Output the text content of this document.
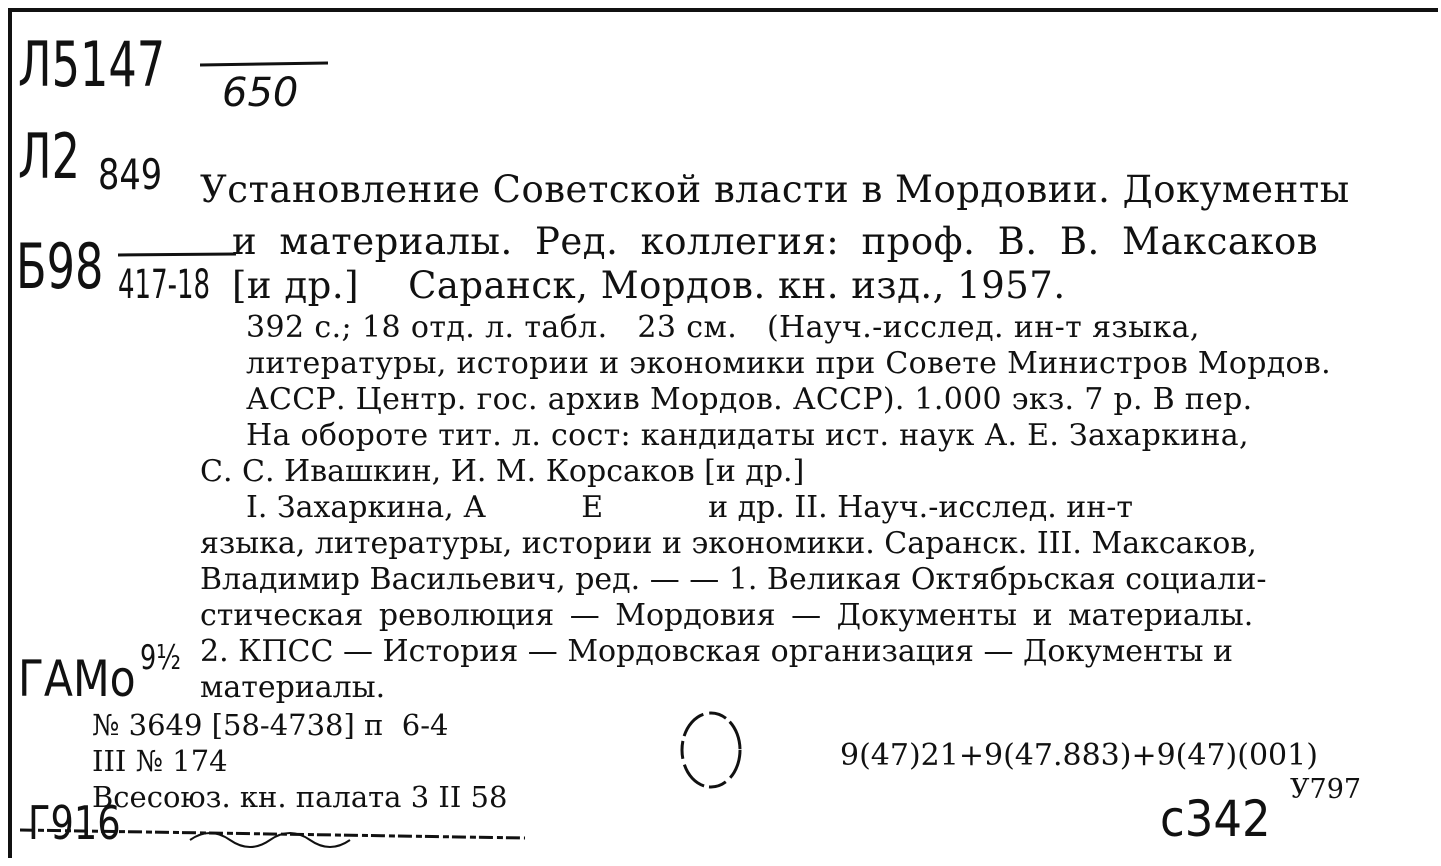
Л5147 650
Л2 849
Б98 417-18
Установление Советской власти в Мордовии. Документы
и материалы. Ред. коллегия: проф. В. В. Максаков
[и др.]    Саранск, Мордов. кн. изд., 1957.
392 с.; 18 отд. л. табл.   23 см.   (Науч.-исслед. ин-т языка,
литературы, истории и экономики при Совете Министров Мордов.
АССР. Центр. гос. архив Мордов. АССР). 1.000 экз. 7 р. В пер.
На обороте тит. л. сост: кандидаты ист. наук А. Е. Захаркина,
С. С. Ивашкин, И. М. Корсаков [и др.]
I. Захаркина, А          Е           и др. II. Науч.-исслед. ин-т
языка, литературы, истории и экономики. Саранск. III. Максаков,
Владимир Васильевич, ред. — — 1. Великая Октябрьская социали-
стическая революция — Мордовия — Документы и материалы.
2. КПСС — История — Мордовская организация — Документы и
материалы.
ГАМо 9½
№ 3649 [58-4738] п  6-4
III № 174
Всесоюз. кн. палата 3 II 58
9(47)21+9(47.883)+9(47)(001)
У797
Г916	с342
